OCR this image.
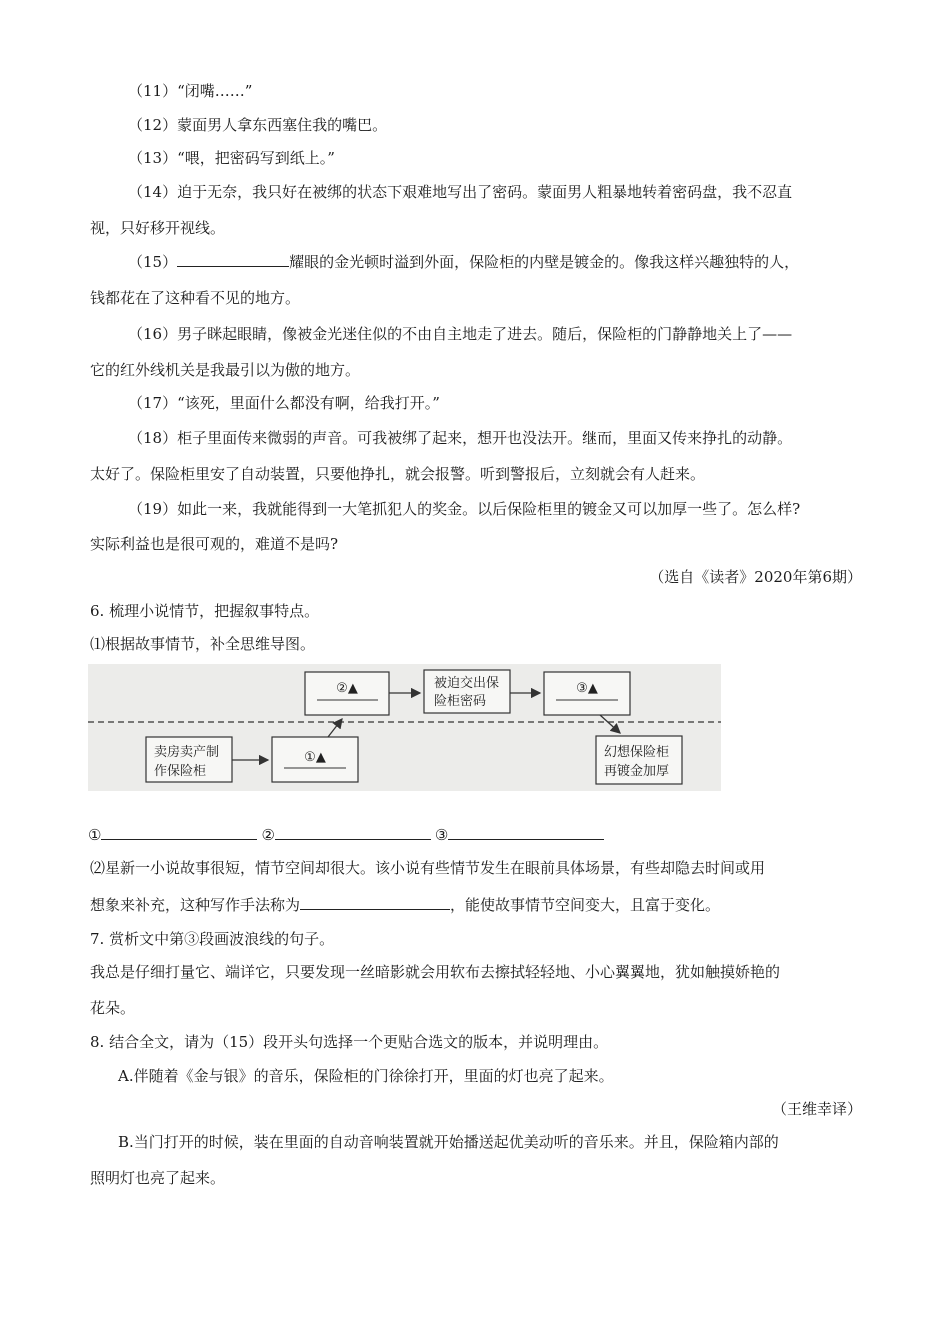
（11）“闭嘴……”
（12）蒙面男人拿东西塞住我的嘴巴。
（13）“喂，把密码写到纸上。”
（14）迫于无奈，我只好在被绑的状态下艰难地写出了密码。蒙面男人粗暴地转着密码盘，我不忍直
视，只好移开视线。
（15）	耀眼的金光顿时溢到外面，保险柜的内壁是镀金的。像我这样兴趣独特的人，
钱都花在了这种看不见的地方。
（16）男子眯起眼睛，像被金光迷住似的不由自主地走了进去。随后，保险柜的门静静地关上了——
它的红外线机关是我最引以为傲的地方。
（17）“该死，里面什么都没有啊，给我打开。”
（18）柜子里面传来微弱的声音。可我被绑了起来，想开也没法开。继而，里面又传来挣扎的动静。
太好了。保险柜里安了自动装置，只要他挣扎，就会报警。听到警报后，立刻就会有人赶来。
（19）如此一来，我就能得到一大笔抓犯人的奖金。以后保险柜里的镀金又可以加厚一些了。怎么样?
实际利益也是很可观的，难道不是吗?
（选自《读者》2020年第6期）
6. 梳理小说情节，把握叙事特点。
⑴根据故事情节，补全思维导图。
②▲	被迫交出保
险柜密码
③▲
卖房卖产制
作保险柜
①▲	幻想保险柜
再镀金加厚
①	②	③
⑵星新一小说故事很短，情节空间却很大。该小说有些情节发生在眼前具体场景，有些却隐去时间或用
想象来补充，这种写作手法称为	，能使故事情节空间变大，且富于变化。
7. 赏析文中第③段画波浪线的句子。
我总是仔细打量它、端详它，只要发现一丝暗影就会用软布去擦拭轻轻地、小心翼翼地，犹如触摸娇艳的
花朵。
8. 结合全文，请为（15）段开头句选择一个更贴合选文的版本，并说明理由。
A.伴随着《金与银》的音乐，保险柜的门徐徐打开，里面的灯也亮了起来。
（王维幸译）
B.当门打开的时候，装在里面的自动音响装置就开始播送起优美动听的音乐来。并且，保险箱内部的
照明灯也亮了起来。
